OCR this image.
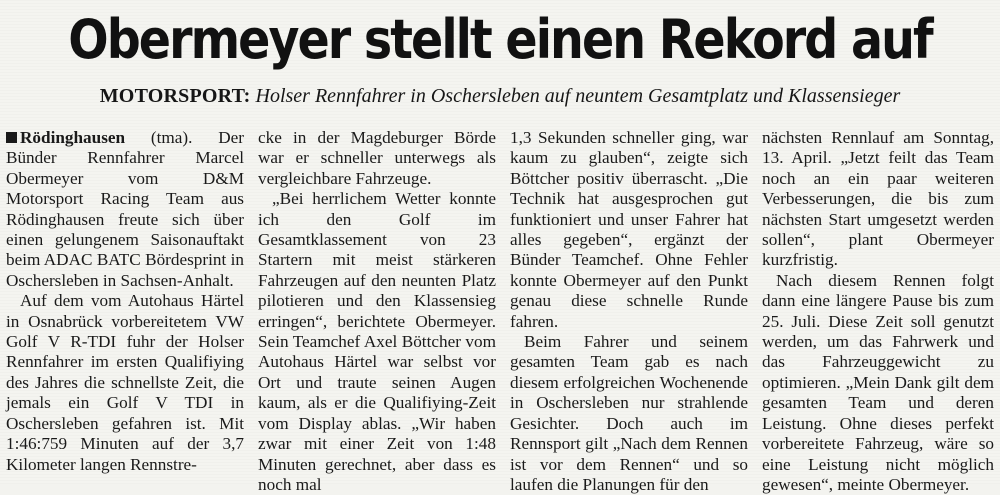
Obermeyer stellt einen Rekord auf
MOTORSPORT: Holser Rennfahrer in Oschersleben auf neuntem Gesamtplatz und Klassensieger

Rödinghausen (tma). Der Bünder Rennfahrer Marcel Obermeyer vom D&M Motorsport Racing Team aus Rödinghausen freute sich über einen gelungenem Saisonauftakt beim ADAC BATC Bördesprint in Oschersleben in Sachsen-Anhalt.

Auf dem vom Autohaus Härtel in Osnabrück vorbereitetem VW Golf V R-TDI fuhr der Holser Rennfahrer im ersten Qualifiying des Jahres die schnellste Zeit, die jemals ein Golf V TDI in Oschersleben gefahren ist. Mit 1:46:759 Minuten auf der 3,7 Kilometer langen Rennstre-

cke in der Magdeburger Börde war er schneller unterwegs als vergleichbare Fahrzeuge.

„Bei herrlichem Wetter konnte ich den Golf im Gesamtklassement von 23 Startern mit meist stärkeren Fahrzeugen auf den neunten Platz pilotieren und den Klassensieg erringen“, berichtete Obermeyer. Sein Teamchef Axel Böttcher vom Autohaus Härtel war selbst vor Ort und traute seinen Augen kaum, als er die Qualifiying-Zeit vom Display ablas. „Wir haben zwar mit einer Zeit von 1:48 Minuten gerechnet, aber dass es noch mal

1,3 Sekunden schneller ging, war kaum zu glauben“, zeigte sich Böttcher positiv überrascht. „Die Technik hat ausgesprochen gut funktioniert und unser Fahrer hat alles gegeben“, ergänzt der Bünder Teamchef. Ohne Fehler konnte Obermeyer auf den Punkt genau diese schnelle Runde fahren.

Beim Fahrer und seinem gesamten Team gab es nach diesem erfolgreichen Wochenende in Oschersleben nur strahlende Gesichter. Doch auch im Rennsport gilt „Nach dem Rennen ist vor dem Rennen“ und so laufen die Planungen für den

nächsten Rennlauf am Sonntag, 13. April. „Jetzt feilt das Team noch an ein paar weiteren Verbesserungen, die bis zum nächsten Start umgesetzt werden sollen“, plant Obermeyer kurzfristig.

Nach diesem Rennen folgt dann eine längere Pause bis zum 25. Juli. Diese Zeit soll genutzt werden, um das Fahrwerk und das Fahrzeuggewicht zu optimieren. „Mein Dank gilt dem gesamten Team und deren Leistung. Ohne dieses perfekt vorbereitete Fahrzeug, wäre so eine Leistung nicht möglich gewesen“, meinte Obermeyer.
